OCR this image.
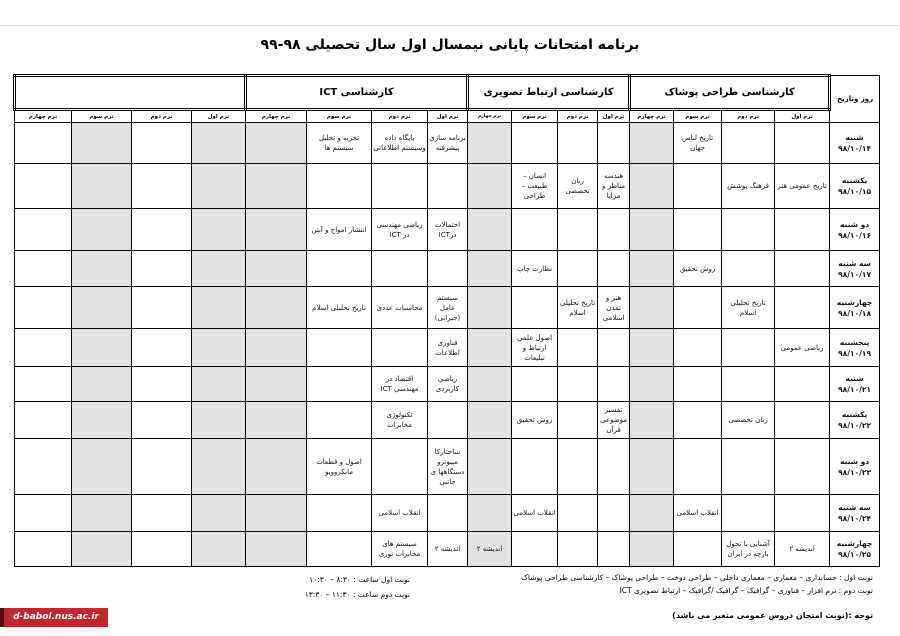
برنامه امتحانات پایانی نیمسال اول سال تحصیلی ۹۸-۹۹
روز وتاریخ	کارشناسی طراحی پوشاک				کارشناسی ارتباط تصویری				کارشناسی ICT							
	ترم اول	ترم دوم	ترم سوم	ترم چهارم	ترم اول	ترم دوم	ترم سوم	ترم چهارم	ترم اول	ترم دوم	ترم سوم	ترم چهارم	ترم اول	ترم دوم	ترم سوم	ترم چهارم

شنبه
۹۸/۱۰/۱۴			تاریخ لباس جهان						برنامه سازی پیشرفته	پایگاه داده وسیستم اطلاعاتی	تجزیه و تحلیل سیستم ها					

یکشنبه
۹۸/۱۰/۱۵	تاریخ عمومی هنر	فرهنگ پوشش			هندسه مناظر و مرایا	زبان تخصصی	انسان – طبیعت – طراحی									

دو شنبه
۹۸/۱۰/۱۶									احتمالات درICT	ریاضی مهندسی در ICT	انتشار امواج و آنتن					

سه شنبه
۹۸/۱۰/۱۷			روش تحقیق				نظارت چاپ									

چهارشنبه
۹۸/۱۰/۱۸		تاریخ تحلیلی اسلام			هنر و تمدن اسلامی	تاریخ تحلیلی اسلام			سیستم عامل (جبرانی)	محاسبات عددی	تاریخ تحلیلی اسلام					

پنجشنبه
۹۸/۱۰/۱۹	ریاضی عمومی						اصول علمی ارتباط و تبلیغات		فناوری اطلاعات							

شنبه
۹۸/۱۰/۲۱									ریاضی کاربردی	اقتصاد در مهندسی ICT						

یکشنبه
۹۸/۱۰/۲۲		زبان تخصصی			تفسیر موضوعی قرآن		روش تحقیق			تکنولوژی مخابرات						

دو شنبه
۹۸/۱۰/۲۳									ساختارکا مپیوترو دستگاهها ی جانبی		اصول و قطعات مایکروویو					

سه شنبه
۹۸/۱۰/۲۴			انقلاب اسلامی				انقلاب اسلامی			انقلاب اسلامی						

چهارشنبه
۹۸/۱۰/۲۵	اندیشه ۲	آشنایی با تحول بارچه در ایران						اندیشه ۲	اندیشه ۲	سیستم های مخابرات نوری						
نوبت اول : حسابداری – معماری – معماری داخلی – طراحی دوخت – طراحی پوشاک – کارشناسی طراحی پوشاک
نوبت دوم : نرم افزار – فناوری – گرافیک – گرافیک /گرافیک – ارتباط تصویری ICT
توجه :(نوبت امتحان دروس عمومی متغیر می باشد)
نوبت اول ساعت : ۸:۳۰ – ۱۰:۳۰
نوبت دوم ساعت : ۱۱:۳۰ – ۱۳:۳۰
d-babol.nus.ac.ir
